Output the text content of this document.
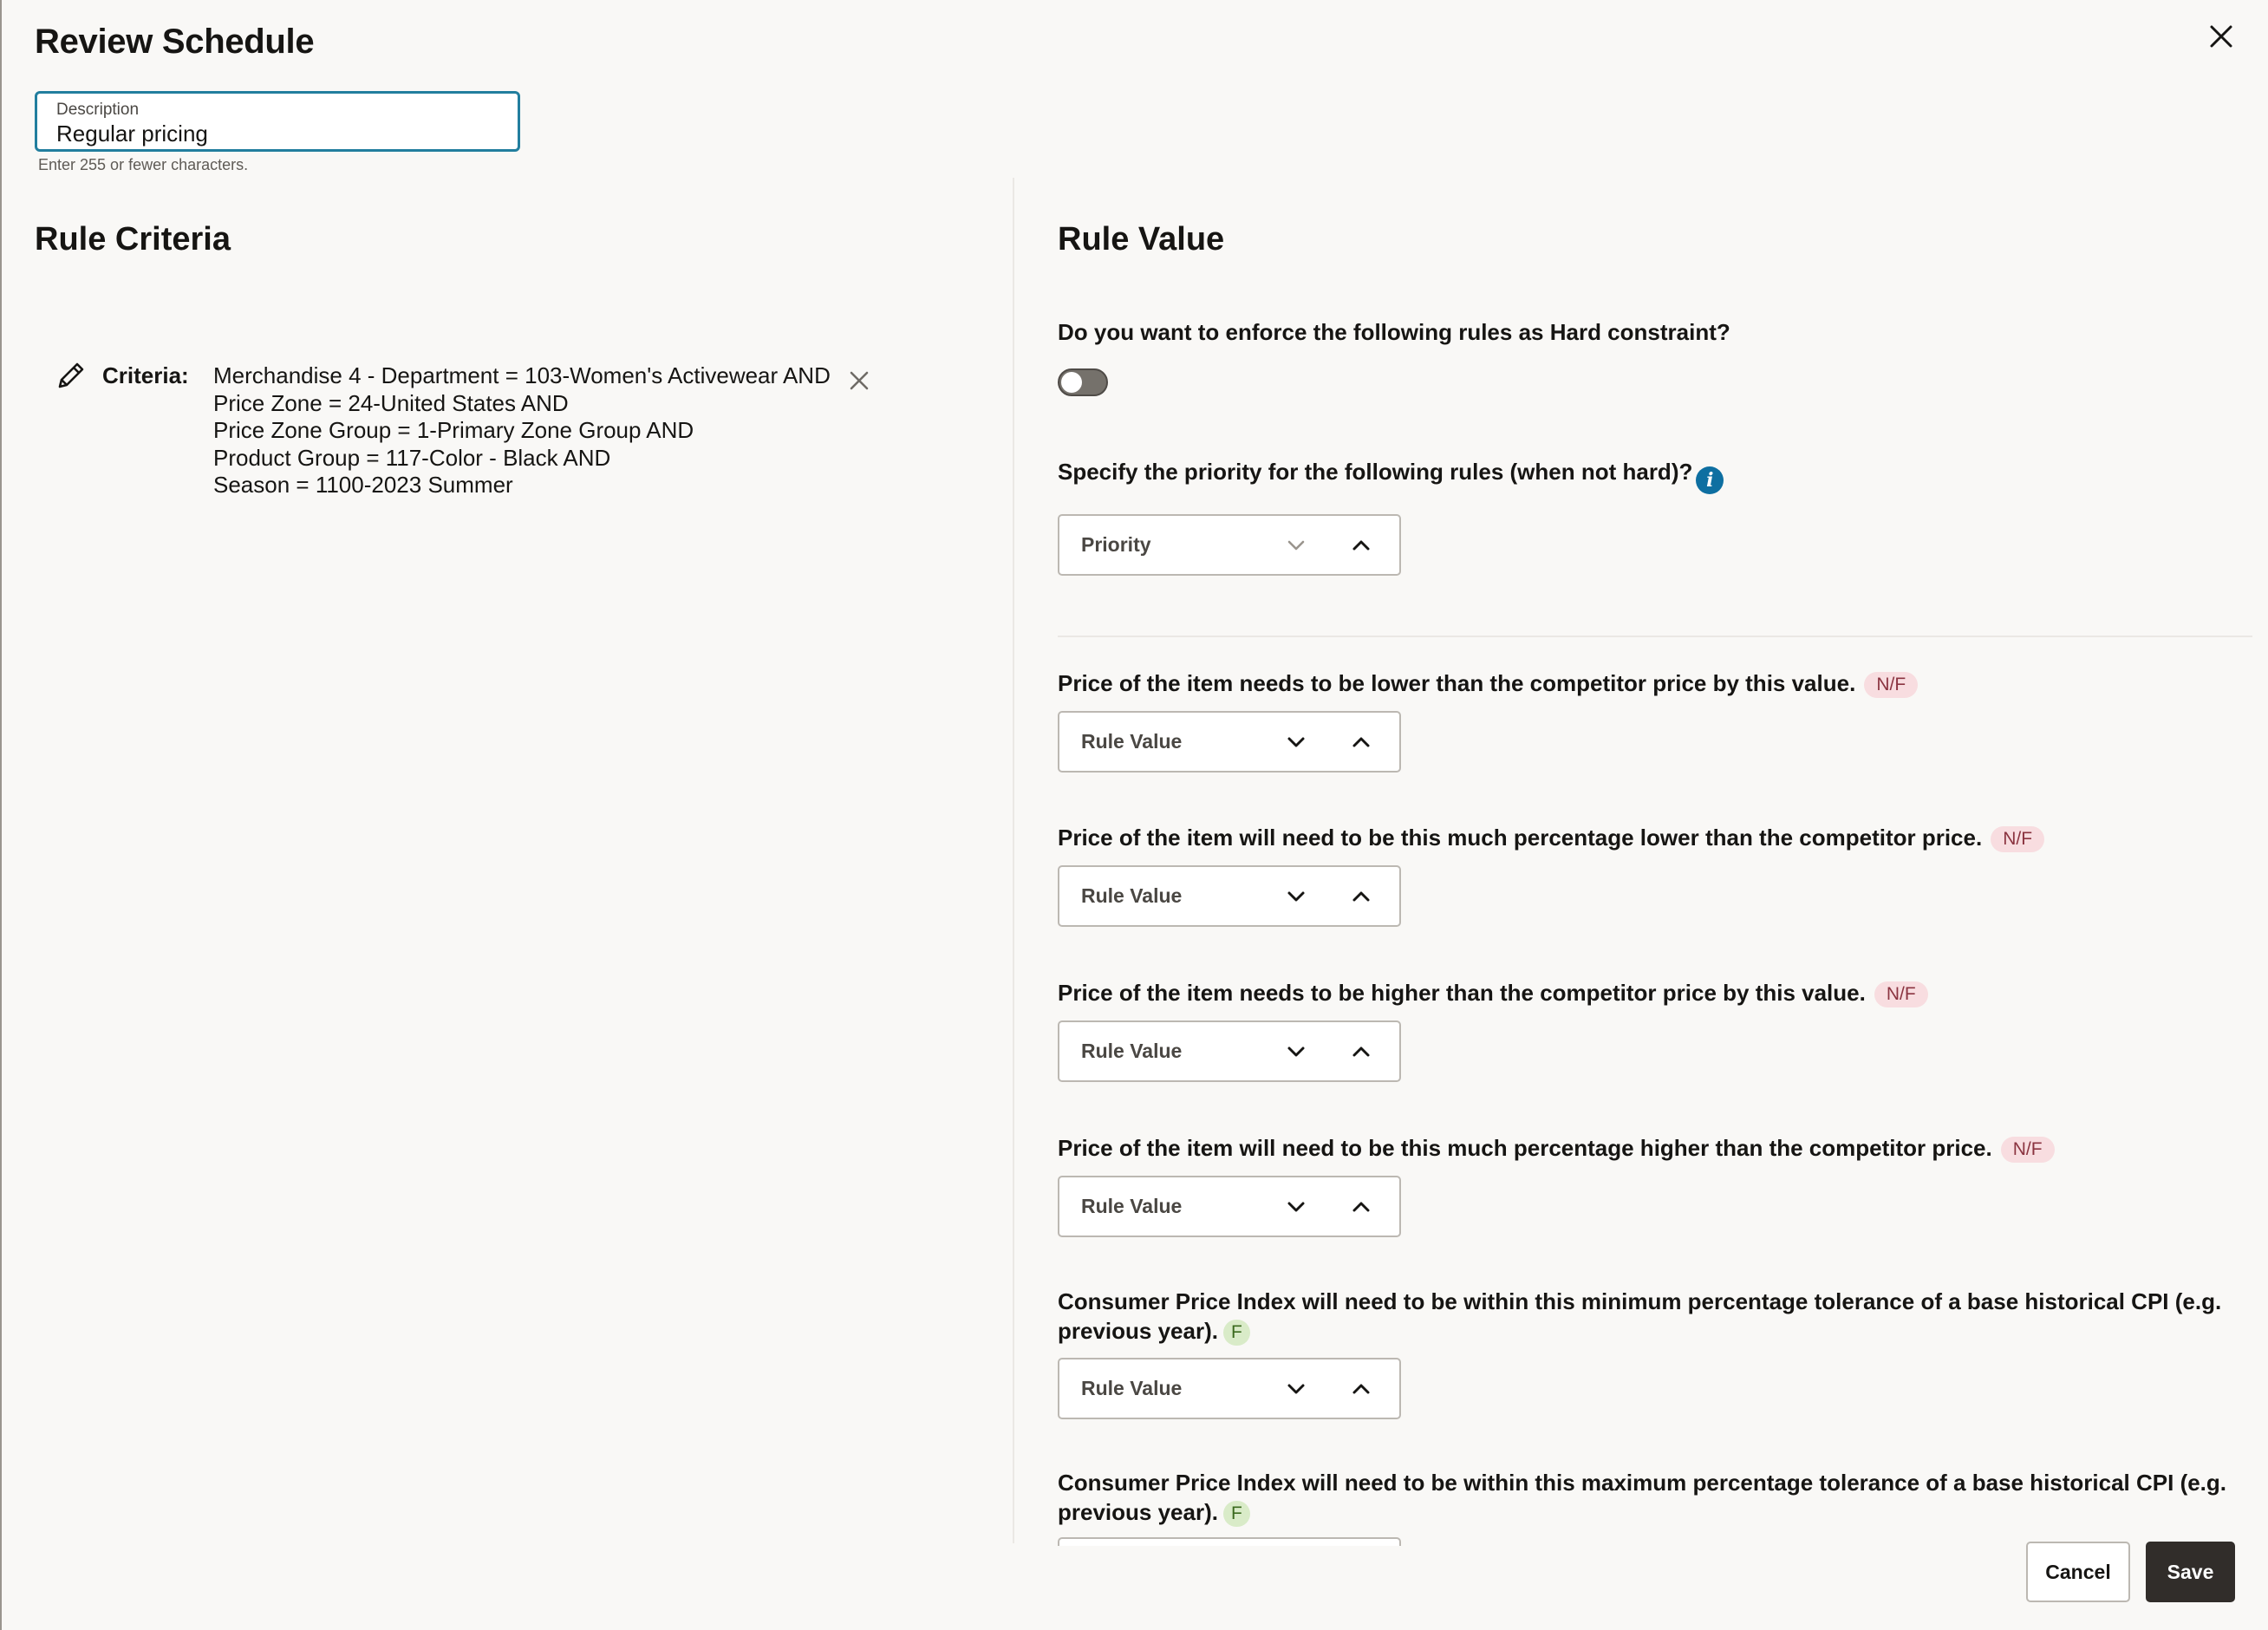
Review Schedule
Description
Regular pricing
Enter 255 or fewer characters.
Rule Criteria
Criteria: Merchandise 4 - Department = 103-Women's Activewear AND
Price Zone = 24-United States AND
Price Zone Group = 1-Primary Zone Group AND
Product Group = 117-Color - Black AND
Season = 1100-2023 Summer
Rule Value
Do you want to enforce the following rules as Hard constraint?
Specify the priority for the following rules (when not hard)? i
Priority
Price of the item needs to be lower than the competitor price by this value. N/F
Rule Value
Price of the item will need to be this much percentage lower than the competitor price. N/F
Rule Value
Price of the item needs to be higher than the competitor price by this value. N/F
Rule Value
Price of the item will need to be this much percentage higher than the competitor price. N/F
Rule Value
Consumer Price Index will need to be within this minimum percentage tolerance of a base historical CPI (e.g. previous year). F
Rule Value
Consumer Price Index will need to be within this maximum percentage tolerance of a base historical CPI (e.g. previous year). F
Cancel	Save
